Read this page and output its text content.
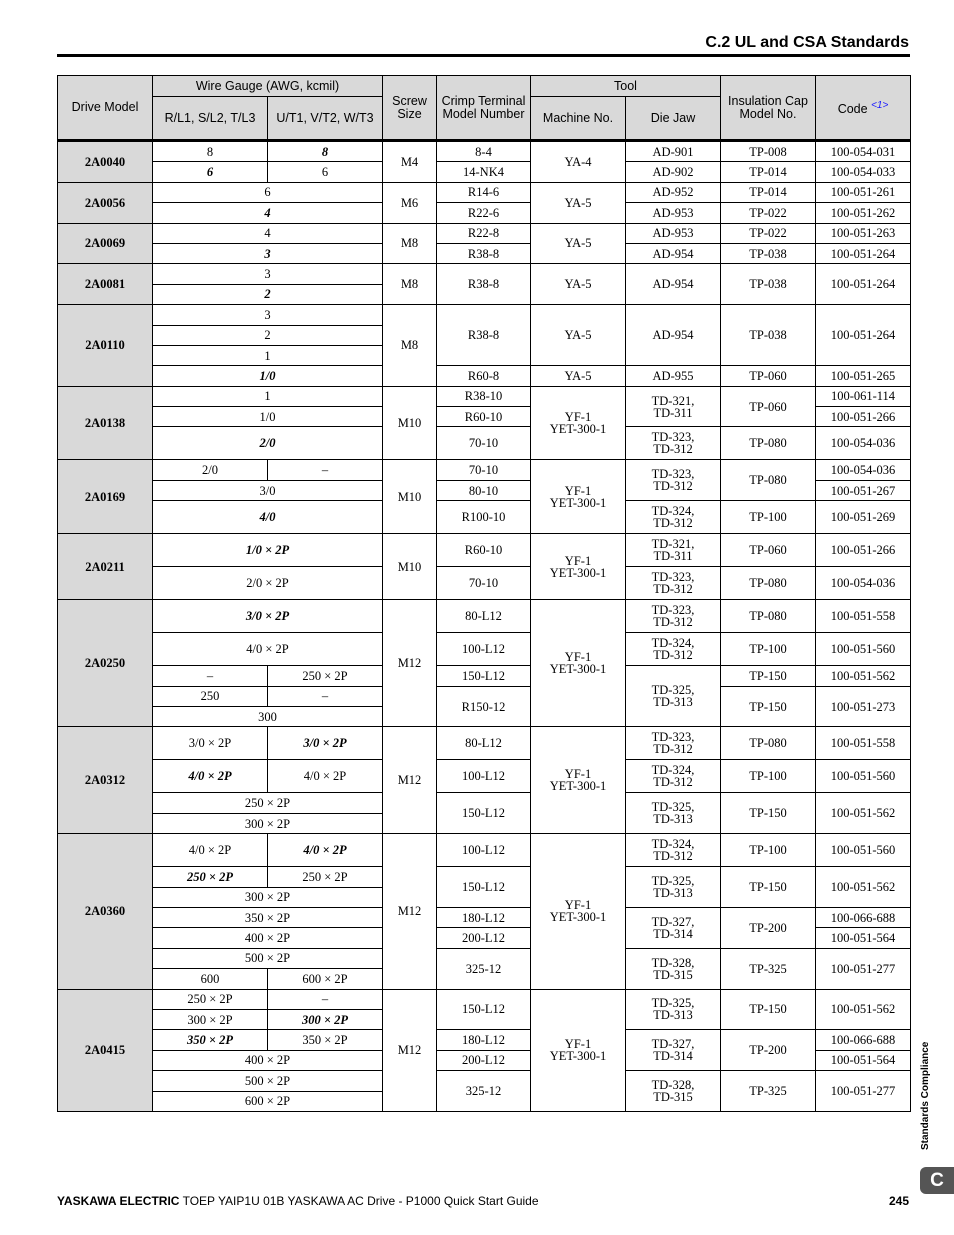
C.2 UL and CSA Standards
Drive Model	Wire Gauge (AWG, kcmil)		Screw Size	Crimp Terminal Model Number	Tool		Insulation Cap Model No.	Code $^{<1>}$
	R/L1, S/L2, T/L3	U/T1, V/T2, W/T3			Machine No.	Die Jaw		
2A0040	8	8	M4	8-4	YA-4	AD-901	TP-008	100-054-031
	6	6		14-NK4		AD-902	TP-014	100-054-033
2A0056	6		M6	R14-6	YA-5	AD-952	TP-014	100-051-261
	4			R22-6		AD-953	TP-022	100-051-262
2A0069	4		M8	R22-8	YA-5	AD-953	TP-022	100-051-263
	3			R38-8		AD-954	TP-038	100-051-264
2A0081	3		M8	R38-8	YA-5	AD-954	TP-038	100-051-264
	2							
2A0110	3		M8	R38-8	YA-5	AD-954	TP-038	100-051-264
	2							
	1							
	1/0			R60-8	YA-5	AD-955	TP-060	100-051-265
2A0138	1		M10	R38-10	YF-1
YET-300-1	TD-321,
TD-311	TP-060	100-061-114
	1/0			R60-10				100-051-266
	2/0			70-10		TD-323,
TD-312	TP-080	100-054-036
2A0169	2/0	–	M10	70-10	YF-1
YET-300-1	TD-323,
TD-312	TP-080	100-054-036
	3/0			80-10				100-051-267
	4/0			R100-10		TD-324,
TD-312	TP-100	100-051-269
2A0211	1/0 × 2P		M10	R60-10	YF-1
YET-300-1	TD-321,
TD-311	TP-060	100-051-266
	2/0 × 2P			70-10		TD-323,
TD-312	TP-080	100-054-036
2A0250	3/0 × 2P		M12	80-L12	YF-1
YET-300-1	TD-323,
TD-312	TP-080	100-051-558
	4/0 × 2P			100-L12		TD-324,
TD-312	TP-100	100-051-560
	–	250 × 2P		150-L12		TD-325,
TD-313	TP-150	100-051-562
	250	–		R150-12			TP-150	100-051-273
	300							
2A0312	3/0 × 2P	3/0 × 2P	M12	80-L12	YF-1
YET-300-1	TD-323,
TD-312	TP-080	100-051-558
	4/0 × 2P	4/0 × 2P		100-L12		TD-324,
TD-312	TP-100	100-051-560
	250 × 2P			150-L12		TD-325,
TD-313	TP-150	100-051-562
	300 × 2P							
2A0360	4/0 × 2P	4/0 × 2P	M12	100-L12	YF-1
YET-300-1	TD-324,
TD-312	TP-100	100-051-560
	250 × 2P	250 × 2P		150-L12		TD-325,
TD-313	TP-150	100-051-562
	300 × 2P							
	350 × 2P			180-L12		TD-327,
TD-314	TP-200	100-066-688
	400 × 2P			200-L12				100-051-564
	500 × 2P			325-12		TD-328,
TD-315	TP-325	100-051-277
	600	600 × 2P						
2A0415	250 × 2P	–	M12	150-L12	YF-1
YET-300-1	TD-325,
TD-313	TP-150	100-051-562
	300 × 2P	300 × 2P						
	350 × 2P	350 × 2P		180-L12		TD-327,
TD-314	TP-200	100-066-688
	400 × 2P			200-L12				100-051-564
	500 × 2P			325-12		TD-328,
TD-315	TP-325	100-051-277
	600 × 2P								Standards Compliance
C
YASKAWA ELECTRIC TOEP YAIP1U 01B YASKAWA AC Drive - P1000 Quick Start Guide	245
